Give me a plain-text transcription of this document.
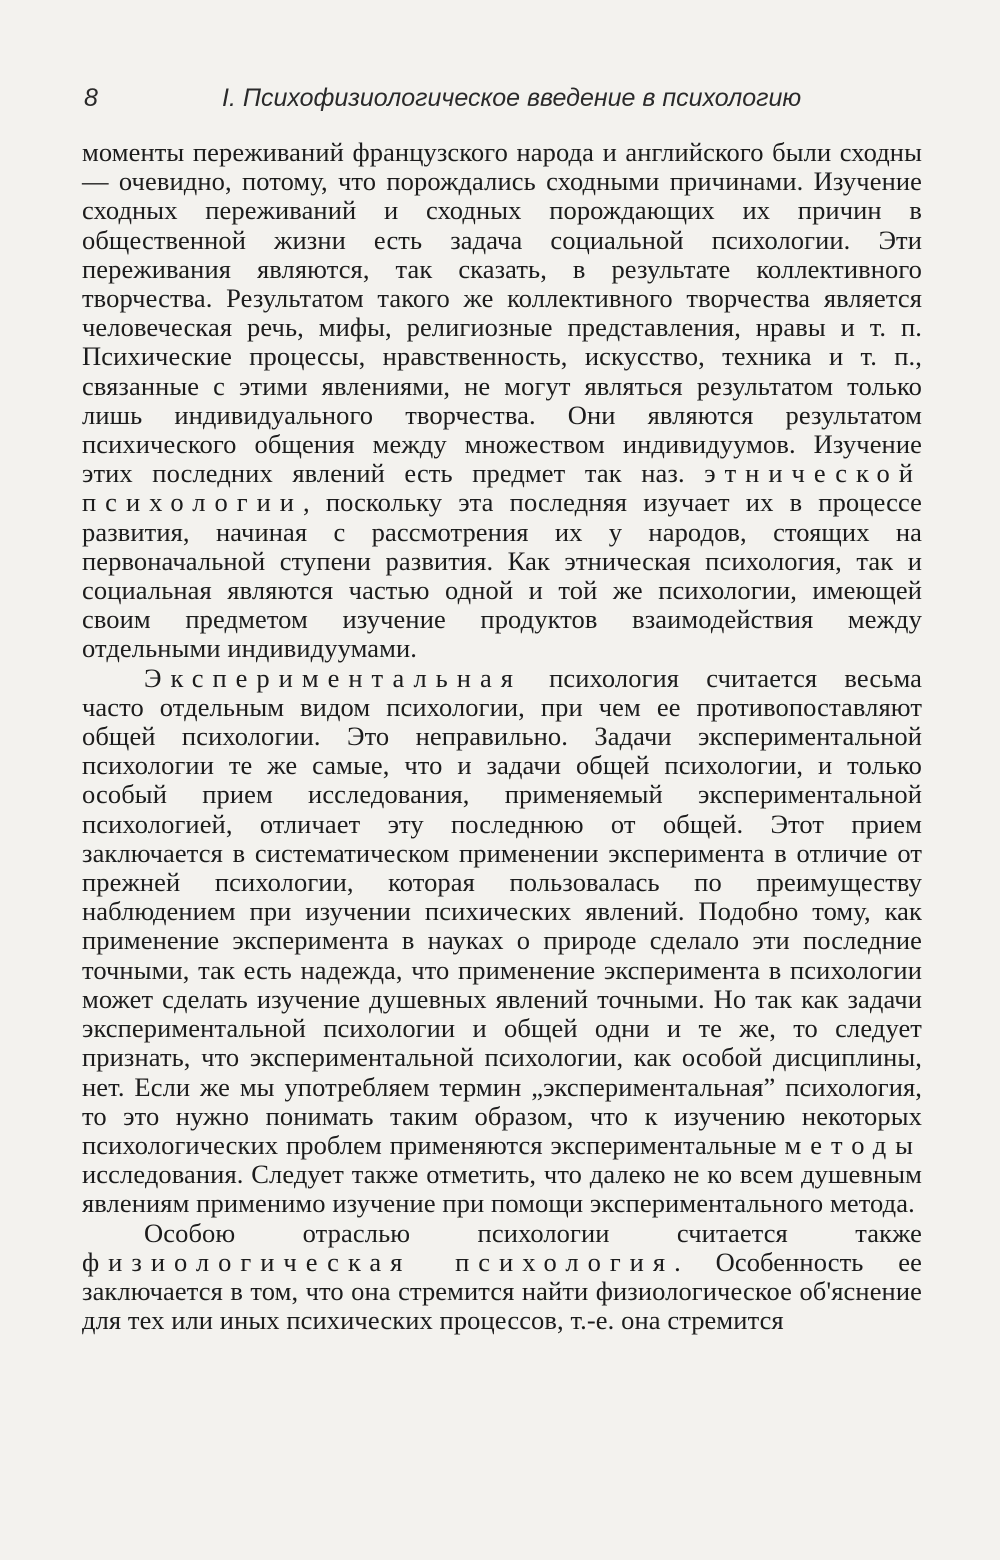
8	I. Психофизиологическое введение в психологию

моменты переживаний французского народа и английского были сходны — очевидно, потому, что порождались сходными причинами. Изучение сходных переживаний и сходных порождающих их причин в общественной жизни есть задача социальной психологии. Эти переживания являются, так сказать, в результате коллективного творчества. Результатом такого же коллективного творчества является человеческая речь, мифы, религиозные представления, нравы и т. п. Психические процессы, нравственность, искусство, техника и т. п., связанные с этими явлениями, не могут являться результатом только лишь индивидуального творчества. Они являются результатом психического общения между множеством индивидуумов. Изучение этих последних явлений есть предмет так наз. этнической психологии, поскольку эта последняя изучает их в процессе развития, начиная с рассмотрения их у народов, стоящих на первоначальной ступени развития. Как этническая психология, так и социальная являются частью одной и той же психологии, имеющей своим предметом изучение продуктов взаимодействия между отдельными индивидуумами.

Экспериментальная психология считается весьма часто отдельным видом психологии, при чем ее противопоставляют общей психологии. Это неправильно. Задачи экспериментальной психологии те же самые, что и задачи общей психологии, и только особый прием исследования, применяемый экспериментальной психологией, отличает эту последнюю от общей. Этот прием заключается в систематическом применении эксперимента в отличие от прежней психологии, которая пользовалась по преимуществу наблюдением при изучении психических явлений. Подобно тому, как применение эксперимента в науках о природе сделало эти последние точными, так есть надежда, что применение эксперимента в психологии может сделать изучение душевных явлений точными. Но так как задачи экспериментальной психологии и общей одни и те же, то следует признать, что экспериментальной психологии, как особой дисциплины, нет. Если же мы употребляем термин „экспериментальная” психология, то это нужно понимать таким образом, что к изучению некоторых психологических проблем применяются экспериментальные методы исследования. Следует также отметить, что далеко не ко всем душевным явлениям применимо изучение при помощи экспериментального метода.

Особою отраслью психологии считается также физиологическая психология. Особенность ее заключается в том, что она стремится найти физиологическое об'яснение для тех или иных психических процессов, т.-е. она стремится
